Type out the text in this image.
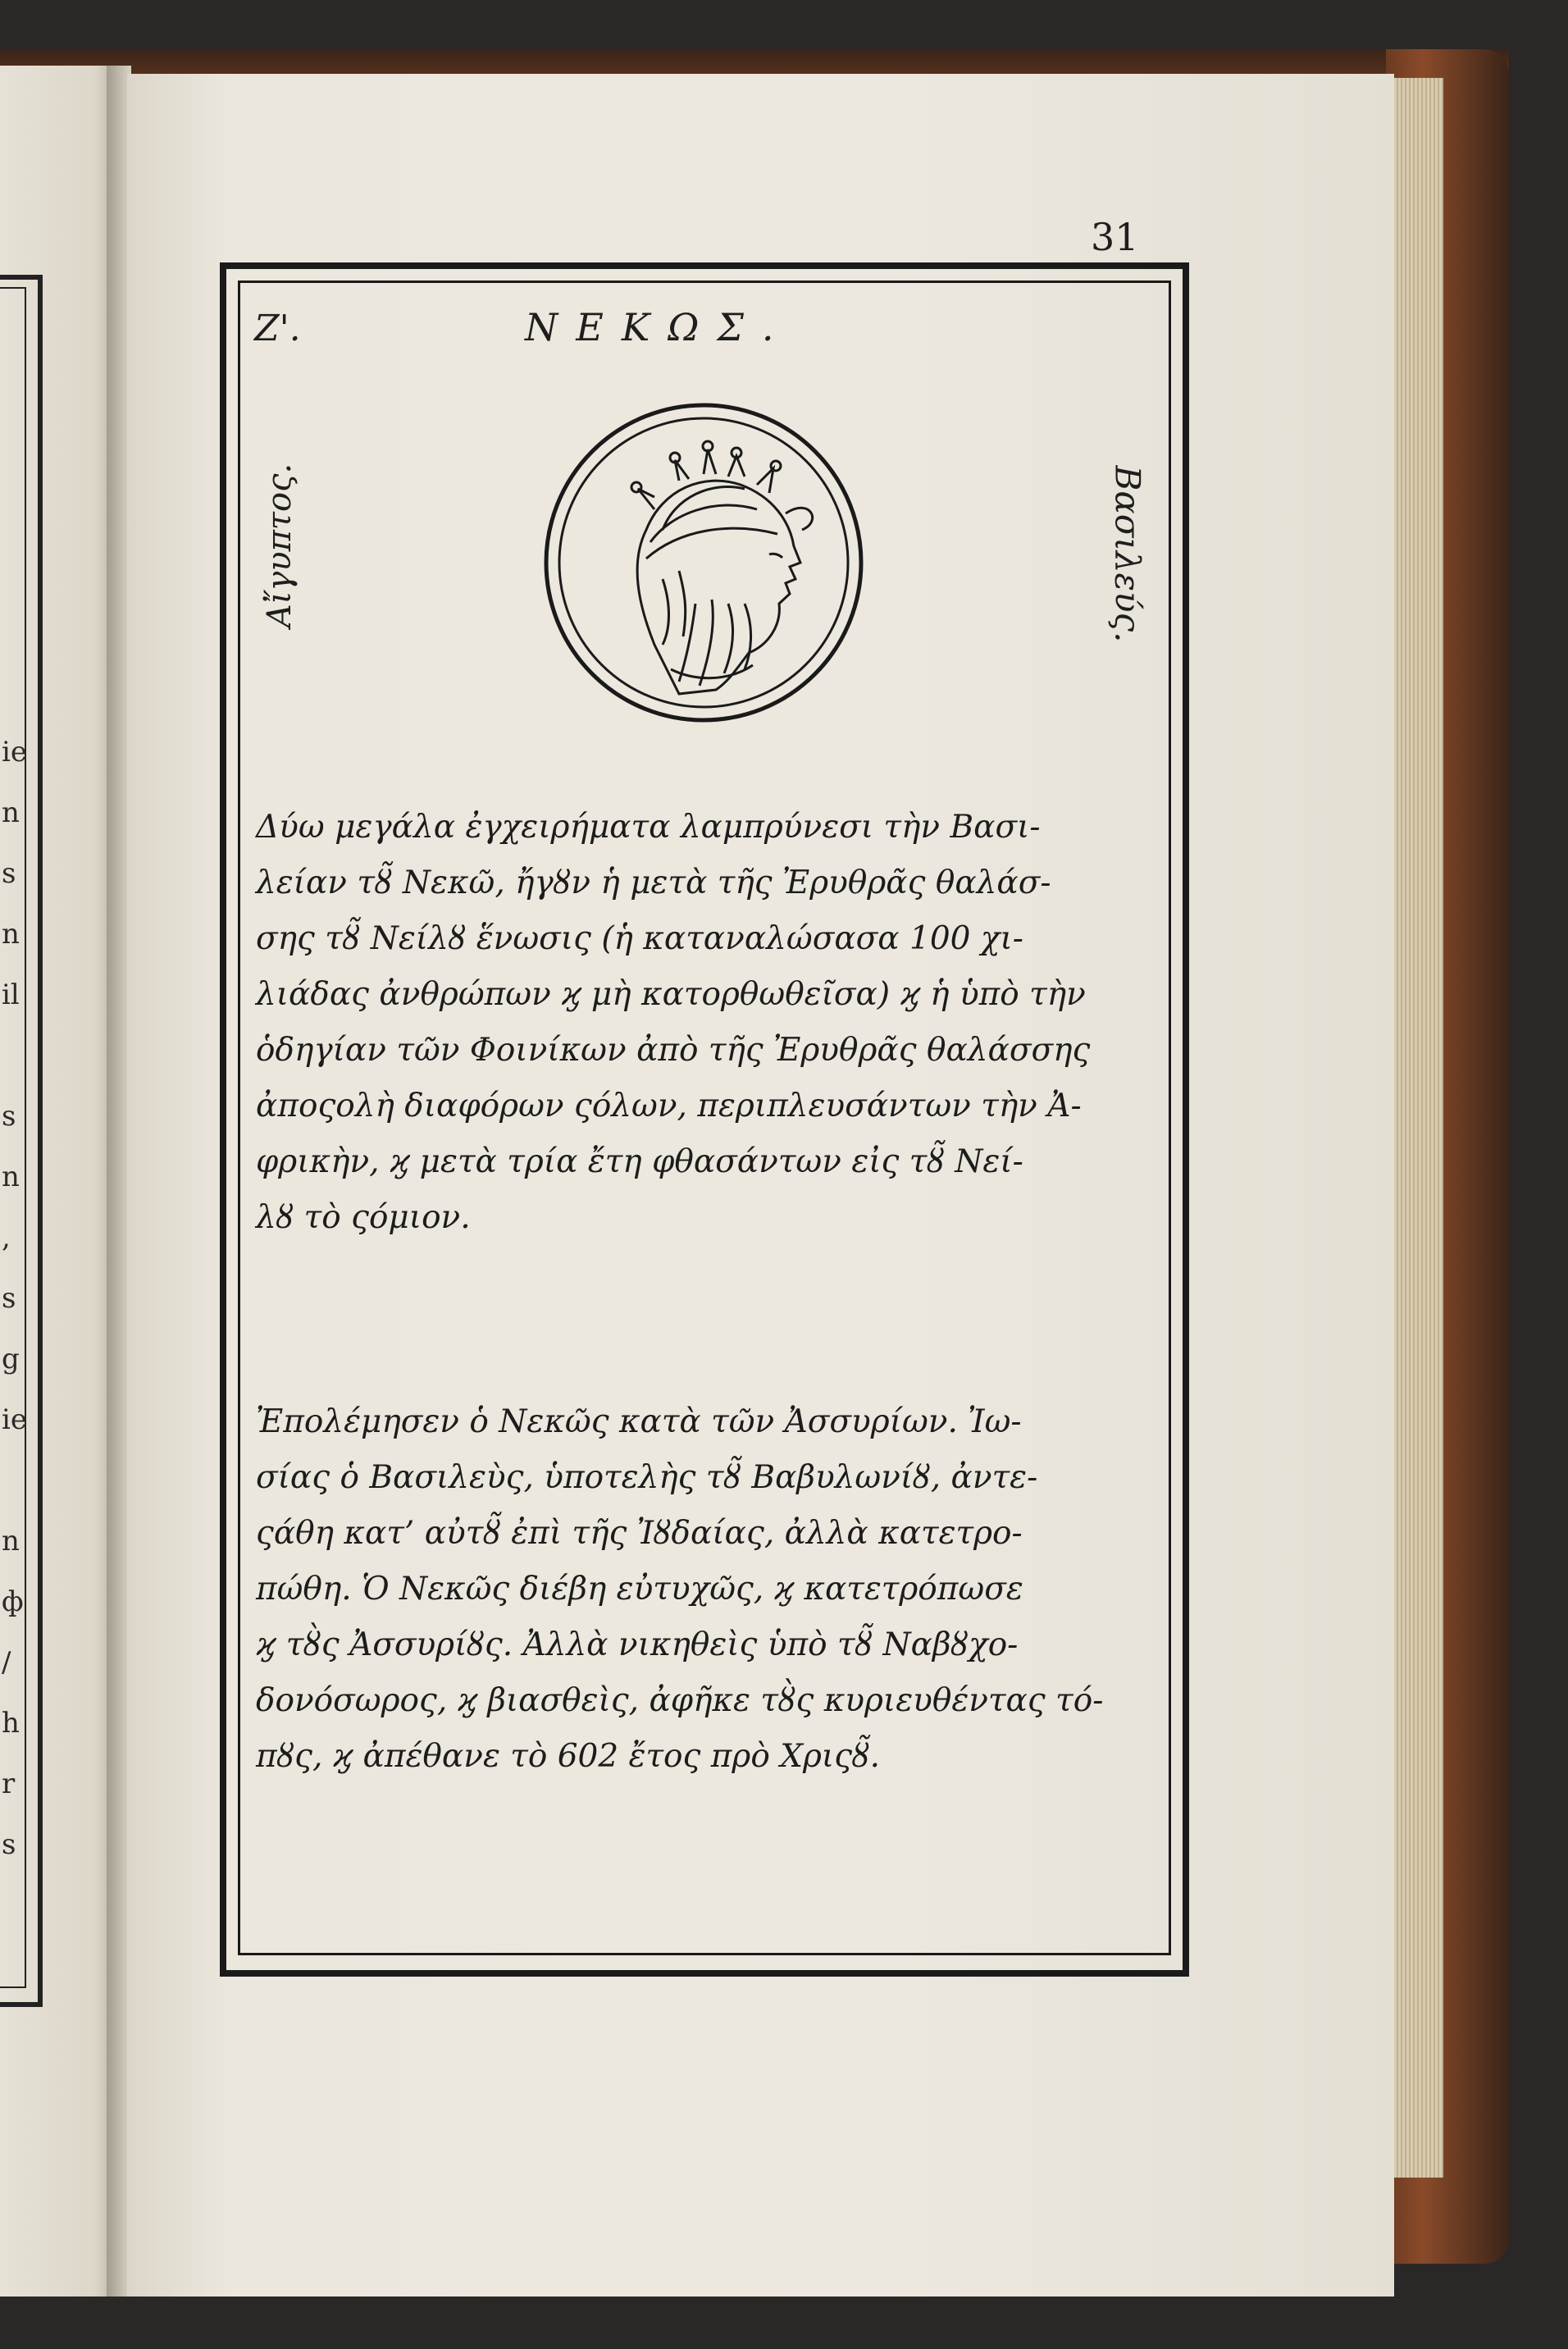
ie
n
s
n
il
s
n
,
s
g
ie
n
ф
/
h
r
s
31
Ζ'.	ΝΕΚΩΣ.
Αἴγυπτος.	Βασιλεύς.
Δύω μεγάλα ἐγχειρήματα λαμπρύνεσι τὴν Βασι-
λείαν τȣ̃ Νεκῶ, ἤγȣν ἡ μετὰ τῆς Ἐρυθρᾶς θαλάσ-
σης τȣ̃ Νείλȣ ἕνωσις (ἡ καταναλώσασα 100 χι-
λιάδας ἀνθρώπων ϗ μὴ κατορθωθεῖσα) ϗ ἡ ὑπὸ τὴν
ὁδηγίαν τῶν Φοινίκων ἀπὸ τῆς Ἐρυθρᾶς θαλάσσης
ἀποςολὴ διαφόρων ςόλων, περιπλευσάντων τὴν Ἀ-
φρικὴν, ϗ μετὰ τρία ἔτη φθασάντων εἰς τȣ̃ Νεί-
λȣ τὸ ςόμιον.
Ἐπολέμησεν ὁ Νεκῶς κατὰ τῶν Ἀσσυρίων. Ἰω-
σίας ὁ Βασιλεὺς, ὑποτελὴς τȣ̃ Βαβυλωνίȣ, ἀντε-
ςάθη κατ’ αὐτȣ̃ ἐπὶ τῆς Ἰȣδαίας, ἀλλὰ κατετρο-
πώθη. Ὁ Νεκῶς διέβη εὐτυχῶς, ϗ κατετρόπωσε
ϗ τȣ̀ς Ἀσσυρίȣς. Ἀλλὰ νικηθεὶς ὑπὸ τȣ̃ Ναβȣχο-
δονόσωρος, ϗ βιασθεὶς, ἀφῆκε τȣ̀ς κυριευθέντας τό-
πȣς, ϗ ἀπέθανε τὸ 602 ἔτος πρὸ Χριςȣ̃.
